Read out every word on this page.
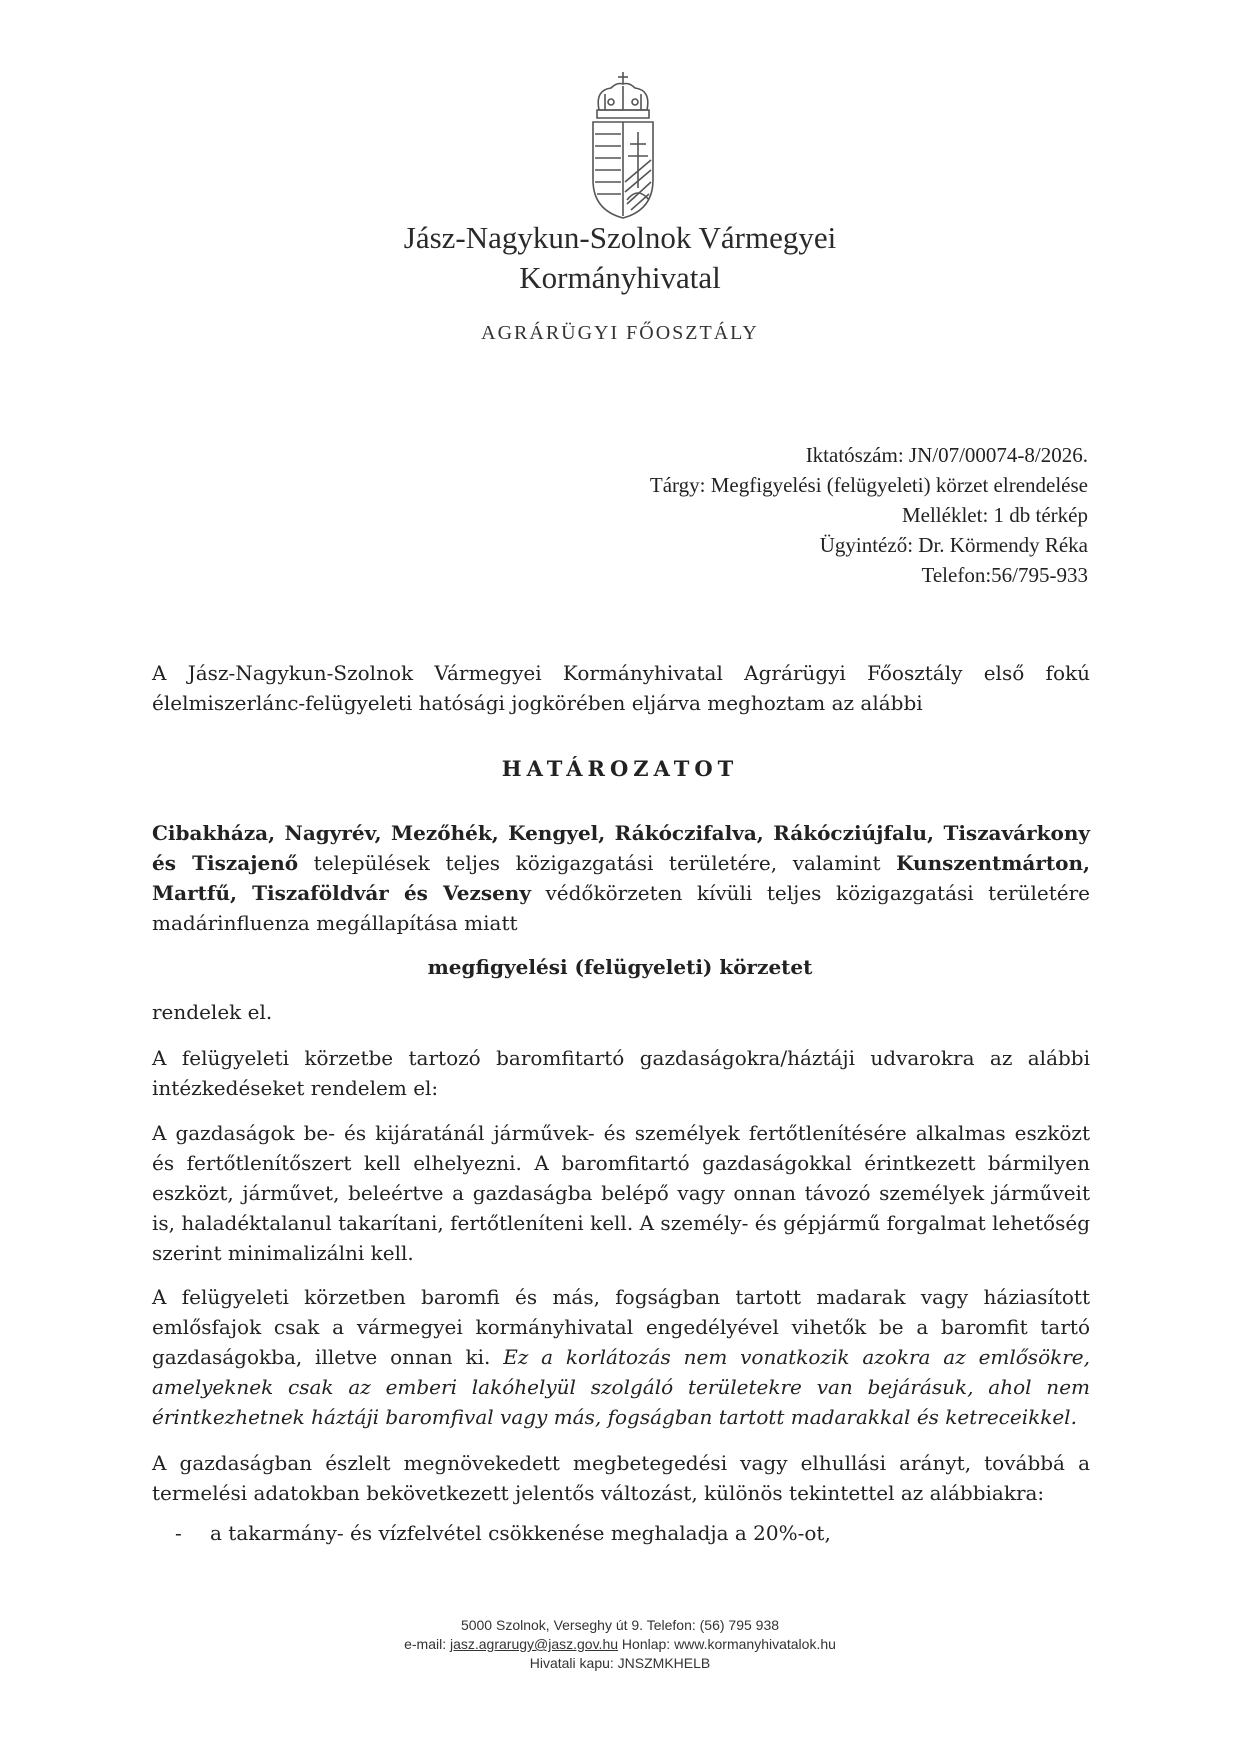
Jász-Nagykun-Szolnok Vármegyei
Kormányhivatal
AGRÁRÜGYI FŐOSZTÁLY
Iktatószám: JN/07/00074-8/2026.
Tárgy: Megfigyelési (felügyeleti) körzet elrendelése
Melléklet: 1 db térkép
Ügyintéző: Dr. Körmendy Réka
Telefon:56/795-933
A Jász-Nagykun-Szolnok Vármegyei Kormányhivatal Agrárügyi Főosztály első fokú élelmiszerlánc-felügyeleti hatósági jogkörében eljárva meghoztam az alábbi
HATÁROZATOT
Cibakháza, Nagyrév, Mezőhék, Kengyel, Rákóczifalva, Rákócziújfalu, Tiszavárkony és Tiszajenő települések teljes közigazgatási területére, valamint Kunszentmárton, Martfű, Tiszaföldvár és Vezseny védőkörzeten kívüli teljes közigazgatási területére madárinfluenza megállapítása miatt
megfigyelési (felügyeleti) körzetet
rendelek el.
A felügyeleti körzetbe tartozó baromfitartó gazdaságokra/háztáji udvarokra az alábbi intézkedéseket rendelem el:
A gazdaságok be- és kijáratánál járművek- és személyek fertőtlenítésére alkalmas eszközt és fertőtlenítőszert kell elhelyezni. A baromfitartó gazdaságokkal érintkezett bármilyen eszközt, járművet, beleértve a gazdaságba belépő vagy onnan távozó személyek járműveit is, haladéktalanul takarítani, fertőtleníteni kell. A személy- és gépjármű forgalmat lehetőség szerint minimalizálni kell.
A felügyeleti körzetben baromfi és más, fogságban tartott madarak vagy háziasított emlősfajok csak a vármegyei kormányhivatal engedélyével vihetők be a baromfit tartó gazdaságokba, illetve onnan ki. Ez a korlátozás nem vonatkozik azokra az emlősökre, amelyeknek csak az emberi lakóhelyül szolgáló területekre van bejárásuk, ahol nem érintkezhetnek háztáji baromfival vagy más, fogságban tartott madarakkal és ketreceikkel.
A gazdaságban észlelt megnövekedett megbetegedési vagy elhullási arányt, továbbá a termelési adatokban bekövetkezett jelentős változást, különös tekintettel az alábbiakra:
- a takarmány- és vízfelvétel csökkenése meghaladja a 20%-ot,
5000 Szolnok, Verseghy út 9. Telefon: (56) 795 938
e-mail: jasz.agrarugy@jasz.gov.hu Honlap: www.kormanyhivatalok.hu
Hivatali kapu: JNSZMKHELB
